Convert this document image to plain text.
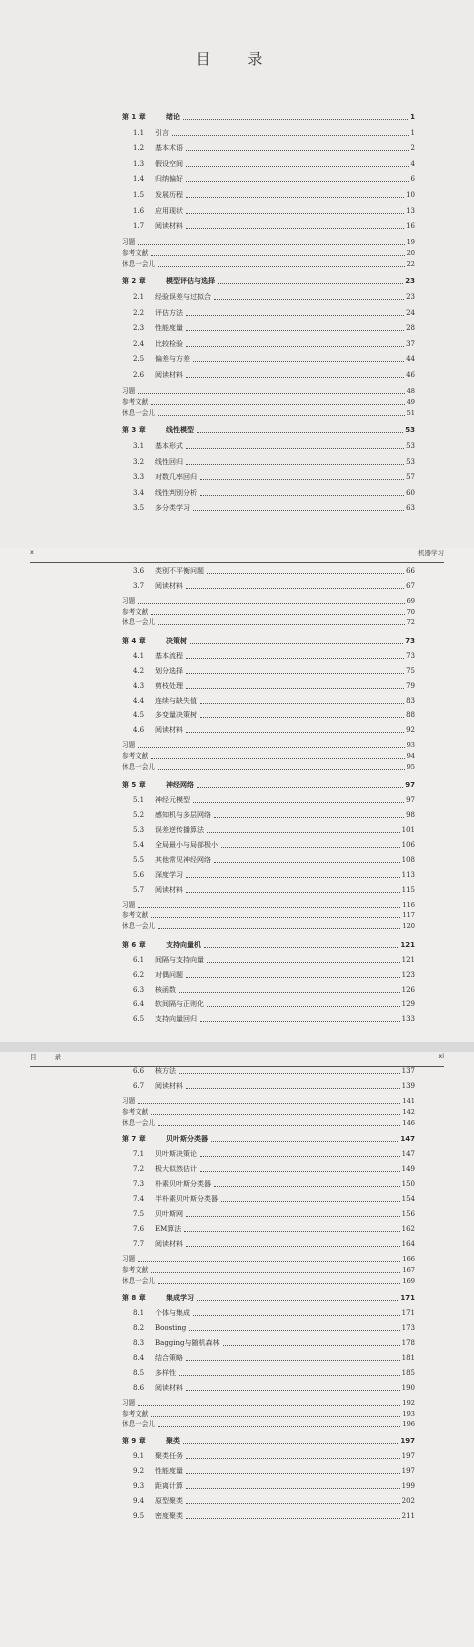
目 录
第 1 章	绪论	1
1.1	引言	1
1.2	基本术语	2
1.3	假设空间	4
1.4	归纳偏好	6
1.5	发展历程	10
1.6	应用现状	13
1.7	阅读材料	16
习题	19
参考文献	20
休息一会儿	22
第 2 章	模型评估与选择	23
2.1	经验误差与过拟合	23
2.2	评估方法	24
2.3	性能度量	28
2.4	比较检验	37
2.5	偏差与方差	44
2.6	阅读材料	46
习题	48
参考文献	49
休息一会儿	51
第 3 章	线性模型	53
3.1	基本形式	53
3.2	线性回归	53
3.3	对数几率回归	57
3.4	线性判别分析	60
3.5	多分类学习	63
x	机器学习
3.6	类别不平衡问题	66
3.7	阅读材料	67
习题	69
参考文献	70
休息一会儿	72
第 4 章	决策树	73
4.1	基本流程	73
4.2	划分选择	75
4.3	剪枝处理	79
4.4	连续与缺失值	83
4.5	多变量决策树	88
4.6	阅读材料	92
习题	93
参考文献	94
休息一会儿	95
第 5 章	神经网络	97
5.1	神经元模型	97
5.2	感知机与多层网络	98
5.3	误差逆传播算法	101
5.4	全局最小与局部极小	106
5.5	其他常见神经网络	108
5.6	深度学习	113
5.7	阅读材料	115
习题	116
参考文献	117
休息一会儿	120
第 6 章	支持向量机	121
6.1	间隔与支持向量	121
6.2	对偶问题	123
6.3	核函数	126
6.4	软间隔与正则化	129
6.5	支持向量回归	133
目 录	xi
6.6	核方法	137
6.7	阅读材料	139
习题	141
参考文献	142
休息一会儿	146
第 7 章	贝叶斯分类器	147
7.1	贝叶斯决策论	147
7.2	极大似然估计	149
7.3	朴素贝叶斯分类器	150
7.4	半朴素贝叶斯分类器	154
7.5	贝叶斯网	156
7.6	EM算法	162
7.7	阅读材料	164
习题	166
参考文献	167
休息一会儿	169
第 8 章	集成学习	171
8.1	个体与集成	171
8.2	Boosting	173
8.3	Bagging与随机森林	178
8.4	结合策略	181
8.5	多样性	185
8.6	阅读材料	190
习题	192
参考文献	193
休息一会儿	196
第 9 章	聚类	197
9.1	聚类任务	197
9.2	性能度量	197
9.3	距离计算	199
9.4	原型聚类	202
9.5	密度聚类	211
